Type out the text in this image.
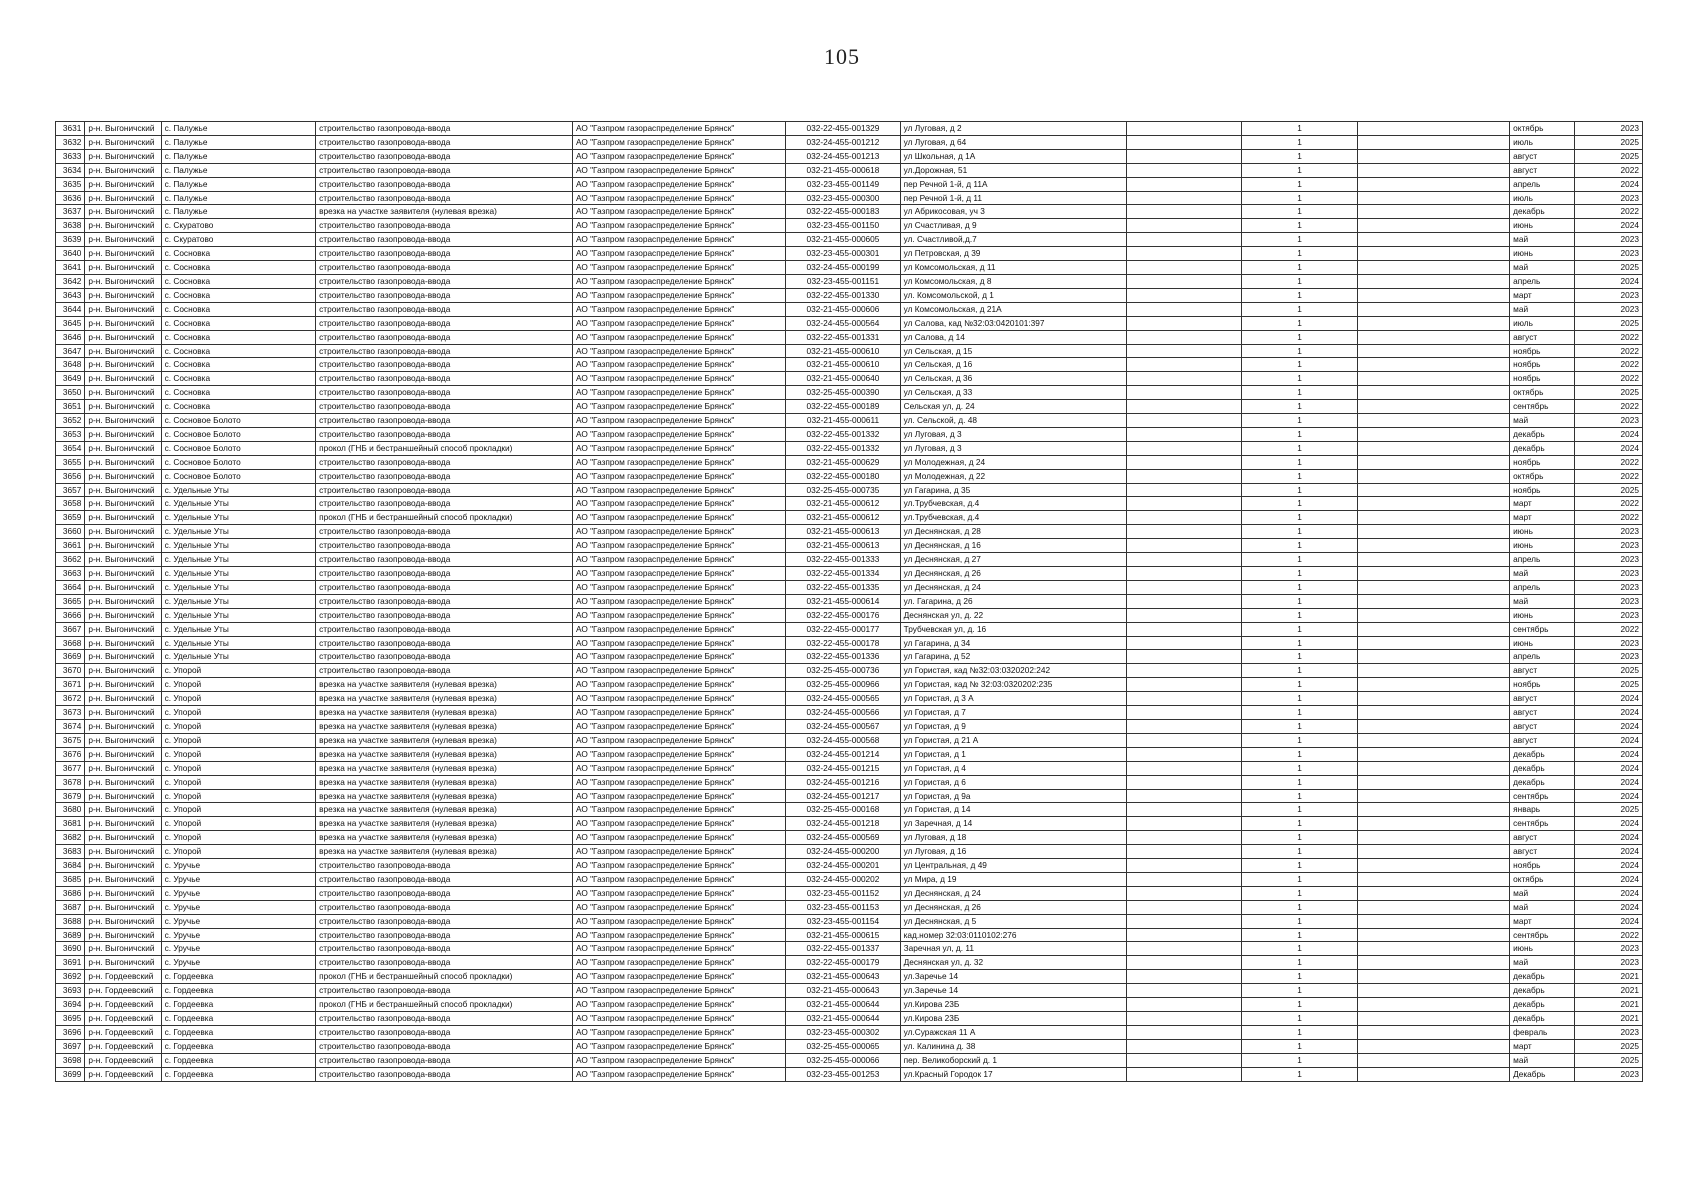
105
3631	р-н. Выгоничский	с. Палужье	строительство газопровода-ввода	АО "Газпром газораспределение Брянск"	032-22-455-001329	ул Луговая, д 2		1		октябрь	2023
3632	р-н. Выгоничский	с. Палужье	строительство газопровода-ввода	АО "Газпром газораспределение Брянск"	032-24-455-001212	ул Луговая, д 64		1		июль	2025
3633	р-н. Выгоничский	с. Палужье	строительство газопровода-ввода	АО "Газпром газораспределение Брянск"	032-24-455-001213	ул Школьная, д 1А		1		август	2025
3634	р-н. Выгоничский	с. Палужье	строительство газопровода-ввода	АО "Газпром газораспределение Брянск"	032-21-455-000618	ул.Дорожная, 51		1		август	2022
3635	р-н. Выгоничский	с. Палужье	строительство газопровода-ввода	АО "Газпром газораспределение Брянск"	032-23-455-001149	пер Речной 1-й, д 11А		1		апрель	2024
3636	р-н. Выгоничский	с. Палужье	строительство газопровода-ввода	АО "Газпром газораспределение Брянск"	032-23-455-000300	пер Речной 1-й, д 11		1		июль	2023
3637	р-н. Выгоничский	с. Палужье	врезка на участке заявителя (нулевая врезка)	АО "Газпром газораспределение Брянск"	032-22-455-000183	ул Абрикосовая, уч 3		1		декабрь	2022
3638	р-н. Выгоничский	с. Скуратово	строительство газопровода-ввода	АО "Газпром газораспределение Брянск"	032-23-455-001150	ул Счастливая, д 9		1		июнь	2024
3639	р-н. Выгоничский	с. Скуратово	строительство газопровода-ввода	АО "Газпром газораспределение Брянск"	032-21-455-000605	ул. Счастливой,д.7		1		май	2023
3640	р-н. Выгоничский	с. Сосновка	строительство газопровода-ввода	АО "Газпром газораспределение Брянск"	032-23-455-000301	ул Петровская, д 39		1		июнь	2023
3641	р-н. Выгоничский	с. Сосновка	строительство газопровода-ввода	АО "Газпром газораспределение Брянск"	032-24-455-000199	ул Комсомольская, д 11		1		май	2025
3642	р-н. Выгоничский	с. Сосновка	строительство газопровода-ввода	АО "Газпром газораспределение Брянск"	032-23-455-001151	ул Комсомольская, д 8		1		апрель	2024
3643	р-н. Выгоничский	с. Сосновка	строительство газопровода-ввода	АО "Газпром газораспределение Брянск"	032-22-455-001330	ул. Комсомольской, д 1		1		март	2023
3644	р-н. Выгоничский	с. Сосновка	строительство газопровода-ввода	АО "Газпром газораспределение Брянск"	032-21-455-000606	ул Комсомольская, д 21А		1		май	2023
3645	р-н. Выгоничский	с. Сосновка	строительство газопровода-ввода	АО "Газпром газораспределение Брянск"	032-24-455-000564	ул Салова, кад №32:03:0420101:397		1		июль	2025
3646	р-н. Выгоничский	с. Сосновка	строительство газопровода-ввода	АО "Газпром газораспределение Брянск"	032-22-455-001331	ул Салова, д 14		1		август	2022
3647	р-н. Выгоничский	с. Сосновка	строительство газопровода-ввода	АО "Газпром газораспределение Брянск"	032-21-455-000610	ул Сельская, д 15		1		ноябрь	2022
3648	р-н. Выгоничский	с. Сосновка	строительство газопровода-ввода	АО "Газпром газораспределение Брянск"	032-21-455-000610	ул Сельская, д 16		1		ноябрь	2022
3649	р-н. Выгоничский	с. Сосновка	строительство газопровода-ввода	АО "Газпром газораспределение Брянск"	032-21-455-000640	ул Сельская, д 36		1		ноябрь	2022
3650	р-н. Выгоничский	с. Сосновка	строительство газопровода-ввода	АО "Газпром газораспределение Брянск"	032-25-455-000390	ул Сельская, д 33		1		октябрь	2025
3651	р-н. Выгоничский	с. Сосновка	строительство газопровода-ввода	АО "Газпром газораспределение Брянск"	032-22-455-000189	Сельская ул, д. 24		1		сентябрь	2022
3652	р-н. Выгоничский	с. Сосновое Болото	строительство газопровода-ввода	АО "Газпром газораспределение Брянск"	032-21-455-000611	ул. Сельской, д. 48		1		май	2023
3653	р-н. Выгоничский	с. Сосновое Болото	строительство газопровода-ввода	АО "Газпром газораспределение Брянск"	032-22-455-001332	ул Луговая, д 3		1		декабрь	2024
3654	р-н. Выгоничский	с. Сосновое Болото	прокол (ГНБ и бестраншейный способ прокладки)	АО "Газпром газораспределение Брянск"	032-22-455-001332	ул Луговая, д 3		1		декабрь	2024
3655	р-н. Выгоничский	с. Сосновое Болото	строительство газопровода-ввода	АО "Газпром газораспределение Брянск"	032-21-455-000629	ул Молодежная, д 24		1		ноябрь	2022
3656	р-н. Выгоничский	с. Сосновое Болото	строительство газопровода-ввода	АО "Газпром газораспределение Брянск"	032-22-455-000180	ул Молодежная, д 22		1		октябрь	2022
3657	р-н. Выгоничский	с. Удельные Уты	строительство газопровода-ввода	АО "Газпром газораспределение Брянск"	032-25-455-000735	ул Гагарина, д 35		1		ноябрь	2025
3658	р-н. Выгоничский	с. Удельные Уты	строительство газопровода-ввода	АО "Газпром газораспределение Брянск"	032-21-455-000612	ул.Трубчевская, д.4		1		март	2022
3659	р-н. Выгоничский	с. Удельные Уты	прокол (ГНБ и бестраншейный способ прокладки)	АО "Газпром газораспределение Брянск"	032-21-455-000612	ул.Трубчевская, д.4		1		март	2022
3660	р-н. Выгоничский	с. Удельные Уты	строительство газопровода-ввода	АО "Газпром газораспределение Брянск"	032-21-455-000613	ул Деснянская, д 28		1		июнь	2023
3661	р-н. Выгоничский	с. Удельные Уты	строительство газопровода-ввода	АО "Газпром газораспределение Брянск"	032-21-455-000613	ул Деснянская, д 16		1		июнь	2023
3662	р-н. Выгоничский	с. Удельные Уты	строительство газопровода-ввода	АО "Газпром газораспределение Брянск"	032-22-455-001333	ул Деснянская, д 27		1		апрель	2023
3663	р-н. Выгоничский	с. Удельные Уты	строительство газопровода-ввода	АО "Газпром газораспределение Брянск"	032-22-455-001334	ул Деснянская, д 26		1		май	2023
3664	р-н. Выгоничский	с. Удельные Уты	строительство газопровода-ввода	АО "Газпром газораспределение Брянск"	032-22-455-001335	ул Деснянская, д 24		1		апрель	2023
3665	р-н. Выгоничский	с. Удельные Уты	строительство газопровода-ввода	АО "Газпром газораспределение Брянск"	032-21-455-000614	ул. Гагарина, д 26		1		май	2023
3666	р-н. Выгоничский	с. Удельные Уты	строительство газопровода-ввода	АО "Газпром газораспределение Брянск"	032-22-455-000176	Деснянская ул, д. 22		1		июнь	2023
3667	р-н. Выгоничский	с. Удельные Уты	строительство газопровода-ввода	АО "Газпром газораспределение Брянск"	032-22-455-000177	Трубчевская ул, д. 16		1		сентябрь	2022
3668	р-н. Выгоничский	с. Удельные Уты	строительство газопровода-ввода	АО "Газпром газораспределение Брянск"	032-22-455-000178	ул Гагарина, д 34		1		июнь	2023
3669	р-н. Выгоничский	с. Удельные Уты	строительство газопровода-ввода	АО "Газпром газораспределение Брянск"	032-22-455-001336	ул Гагарина, д 52		1		апрель	2023
3670	р-н. Выгоничский	с. Упорой	строительство газопровода-ввода	АО "Газпром газораспределение Брянск"	032-25-455-000736	ул Гористая, кад №32:03:0320202:242		1		август	2025
3671	р-н. Выгоничский	с. Упорой	врезка на участке заявителя (нулевая врезка)	АО "Газпром газораспределение Брянск"	032-25-455-000966	ул Гористая, кад № 32:03:0320202:235		1		ноябрь	2025
3672	р-н. Выгоничский	с. Упорой	врезка на участке заявителя (нулевая врезка)	АО "Газпром газораспределение Брянск"	032-24-455-000565	ул Гористая, д 3 А		1		август	2024
3673	р-н. Выгоничский	с. Упорой	врезка на участке заявителя (нулевая врезка)	АО "Газпром газораспределение Брянск"	032-24-455-000566	ул Гористая, д 7		1		август	2024
3674	р-н. Выгоничский	с. Упорой	врезка на участке заявителя (нулевая врезка)	АО "Газпром газораспределение Брянск"	032-24-455-000567	ул Гористая, д 9		1		август	2024
3675	р-н. Выгоничский	с. Упорой	врезка на участке заявителя (нулевая врезка)	АО "Газпром газораспределение Брянск"	032-24-455-000568	ул Гористая, д 21 А		1		август	2024
3676	р-н. Выгоничский	с. Упорой	врезка на участке заявителя (нулевая врезка)	АО "Газпром газораспределение Брянск"	032-24-455-001214	ул Гористая, д 1		1		декабрь	2024
3677	р-н. Выгоничский	с. Упорой	врезка на участке заявителя (нулевая врезка)	АО "Газпром газораспределение Брянск"	032-24-455-001215	ул Гористая, д 4		1		декабрь	2024
3678	р-н. Выгоничский	с. Упорой	врезка на участке заявителя (нулевая врезка)	АО "Газпром газораспределение Брянск"	032-24-455-001216	ул Гористая, д 6		1		декабрь	2024
3679	р-н. Выгоничский	с. Упорой	врезка на участке заявителя (нулевая врезка)	АО "Газпром газораспределение Брянск"	032-24-455-001217	ул Гористая, д 9а		1		сентябрь	2024
3680	р-н. Выгоничский	с. Упорой	врезка на участке заявителя (нулевая врезка)	АО "Газпром газораспределение Брянск"	032-25-455-000168	ул Гористая, д 14		1		январь	2025
3681	р-н. Выгоничский	с. Упорой	врезка на участке заявителя (нулевая врезка)	АО "Газпром газораспределение Брянск"	032-24-455-001218	ул Заречная, д 14		1		сентябрь	2024
3682	р-н. Выгоничский	с. Упорой	врезка на участке заявителя (нулевая врезка)	АО "Газпром газораспределение Брянск"	032-24-455-000569	ул Луговая, д 18		1		август	2024
3683	р-н. Выгоничский	с. Упорой	врезка на участке заявителя (нулевая врезка)	АО "Газпром газораспределение Брянск"	032-24-455-000200	ул Луговая, д 16		1		август	2024
3684	р-н. Выгоничский	с. Уручье	строительство газопровода-ввода	АО "Газпром газораспределение Брянск"	032-24-455-000201	ул Центральная, д 49		1		ноябрь	2024
3685	р-н. Выгоничский	с. Уручье	строительство газопровода-ввода	АО "Газпром газораспределение Брянск"	032-24-455-000202	ул Мира, д 19		1		октябрь	2024
3686	р-н. Выгоничский	с. Уручье	строительство газопровода-ввода	АО "Газпром газораспределение Брянск"	032-23-455-001152	ул Деснянская, д 24		1		май	2024
3687	р-н. Выгоничский	с. Уручье	строительство газопровода-ввода	АО "Газпром газораспределение Брянск"	032-23-455-001153	ул Деснянская, д 26		1		май	2024
3688	р-н. Выгоничский	с. Уручье	строительство газопровода-ввода	АО "Газпром газораспределение Брянск"	032-23-455-001154	ул Деснянская, д 5		1		март	2024
3689	р-н. Выгоничский	с. Уручье	строительство газопровода-ввода	АО "Газпром газораспределение Брянск"	032-21-455-000615	кад.номер 32:03:0110102:276		1		сентябрь	2022
3690	р-н. Выгоничский	с. Уручье	строительство газопровода-ввода	АО "Газпром газораспределение Брянск"	032-22-455-001337	Заречная ул, д. 11		1		июнь	2023
3691	р-н. Выгоничский	с. Уручье	строительство газопровода-ввода	АО "Газпром газораспределение Брянск"	032-22-455-000179	Деснянская ул, д. 32		1		май	2023
3692	р-н. Гордеевский	с. Гордеевка	прокол (ГНБ и бестраншейный способ прокладки)	АО "Газпром газораспределение Брянск"	032-21-455-000643	ул.Заречье 14		1		декабрь	2021
3693	р-н. Гордеевский	с. Гордеевка	строительство газопровода-ввода	АО "Газпром газораспределение Брянск"	032-21-455-000643	ул.Заречье 14		1		декабрь	2021
3694	р-н. Гордеевский	с. Гордеевка	прокол (ГНБ и бестраншейный способ прокладки)	АО "Газпром газораспределение Брянск"	032-21-455-000644	ул.Кирова 23Б		1		декабрь	2021
3695	р-н. Гордеевский	с. Гордеевка	строительство газопровода-ввода	АО "Газпром газораспределение Брянск"	032-21-455-000644	ул.Кирова 23Б		1		декабрь	2021
3696	р-н. Гордеевский	с. Гордеевка	строительство газопровода-ввода	АО "Газпром газораспределение Брянск"	032-23-455-000302	ул.Суражская 11 А		1		февраль	2023
3697	р-н. Гордеевский	с. Гордеевка	строительство газопровода-ввода	АО "Газпром газораспределение Брянск"	032-25-455-000065	ул. Калинина д. 38		1		март	2025
3698	р-н. Гордеевский	с. Гордеевка	строительство газопровода-ввода	АО "Газпром газораспределение Брянск"	032-25-455-000066	пер. Великоборский д. 1		1		май	2025
3699	р-н. Гордеевский	с. Гордеевка	строительство газопровода-ввода	АО "Газпром газораспределение Брянск"	032-23-455-001253	ул.Красный Городок 17		1		Декабрь	2023
